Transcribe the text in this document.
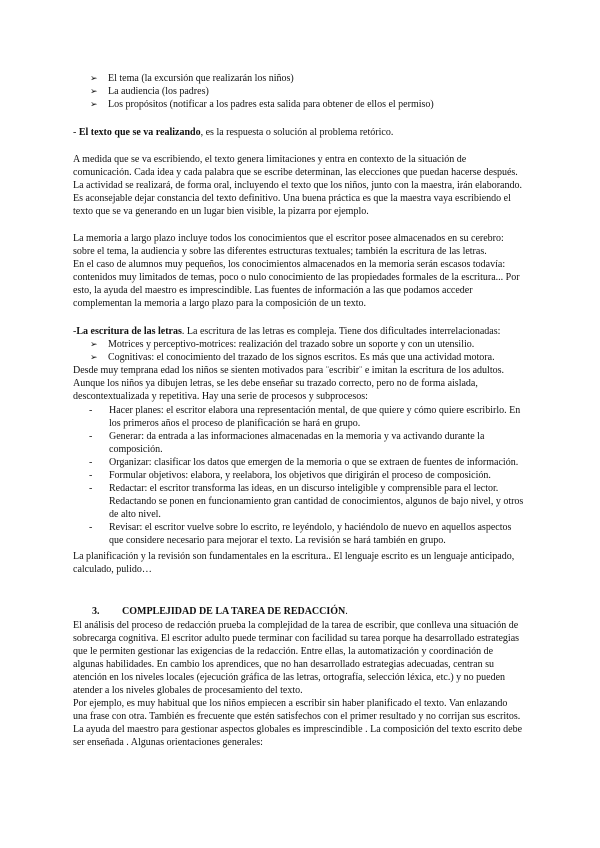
➢	El tema (la excursión que realizarán los niños)
➢	La audiencia (los padres)
➢	Los propósitos (notificar a los padres esta salida para obtener de ellos el permiso)

- El texto que se va realizando, es la respuesta o solución al problema retórico.

A medida que se va escribiendo, el texto genera limitaciones y entra en contexto de la situación de

comunicación. Cada idea y cada palabra que se escribe determinan, las elecciones que puedan hacerse después.

La actividad se realizará, de forma oral, incluyendo el texto que los niños, junto con la maestra, irán elaborando.

Es aconsejable dejar constancia del texto definitivo. Una buena práctica es que la maestra vaya escribiendo el

texto que se va generando en un lugar bien visible, la pizarra por ejemplo.

La memoria a largo plazo incluye todos los conocimientos que el escritor posee almacenados en su cerebro:

sobre el tema, la audiencia y sobre las diferentes estructuras textuales; también la escritura de las letras.

En el caso de alumnos muy pequeños, los conocimientos almacenados en la memoria serán escasos todavía:

contenidos muy limitados de temas, poco o nulo conocimiento de las propiedades formales de la escritura... Por

esto, la ayuda del maestro es imprescindible. Las fuentes de información a las que podamos acceder

complementan la memoria a largo plazo para la composición de un texto.

-La escritura de las letras. La escritura de las letras es compleja. Tiene dos dificultades interrelacionadas:

➢	Motrices y perceptivo-motrices: realización del trazado sobre un soporte y con un utensilio.
➢	Cognitivas: el conocimiento del trazado de los signos escritos. Es más que una actividad motora.

Desde muy temprana edad los niños se sienten motivados para ¨escribir¨ e imitan la escritura de los adultos.

Aunque los niños ya dibujen letras, se les debe enseñar su trazado correcto, pero no de forma aislada,

descontextualizada y repetitiva. Hay una serie de procesos y subprocesos:

-	Hacer planes: el escritor elabora una representación mental, de que quiere y cómo quiere escribirlo. En

los primeros años el proceso de planificación se hará en grupo.

-	Generar: da entrada a las informaciones almacenadas en la memoria y va activando durante la

composición.

-	Organizar: clasificar los datos que emergen de la memoria o que se extraen de fuentes de información.

-	Formular objetivos: elabora, y reelabora, los objetivos que dirigirán el proceso de composición.

-	Redactar: el escritor transforma las ideas, en un discurso inteligible y comprensible para el lector.

Redactando se ponen en funcionamiento gran cantidad de conocimientos, algunos de bajo nivel, y otros

de alto nivel.

-	Revisar: el escritor vuelve sobre lo escrito, re leyéndolo, y haciéndolo de nuevo en aquellos aspectos

que considere necesario para mejorar el texto. La revisión se hará también en grupo.

La planificación y la revisión son fundamentales en la escritura.. El lenguaje escrito es un lenguaje anticipado,

calculado, pulido…

3. COMPLEJIDAD DE LA TAREA DE REDACCIÓN.

El análisis del proceso de redacción prueba la complejidad de la tarea de escribir, que conlleva una situación de

sobrecarga cognitiva. El escritor adulto puede terminar con facilidad su tarea porque ha desarrollado estrategias

que le permiten gestionar las exigencias de la redacción. Entre ellas, la automatización y coordinación de

algunas habilidades. En cambio los aprendices, que no han desarrollado estrategias adecuadas, centran su

atención en los niveles locales (ejecución gráfica de las letras, ortografía, selección léxica, etc.) y no pueden

atender a los niveles globales de procesamiento del texto.

Por ejemplo, es muy habitual que los niños empiecen a escribir sin haber planificado el texto. Van enlazando

una frase con otra. También es frecuente que estén satisfechos con el primer resultado y no corrijan sus escritos.

La ayuda del maestro para gestionar aspectos globales es imprescindible . La composición del texto escrito debe

ser enseñada . Algunas orientaciones generales:
